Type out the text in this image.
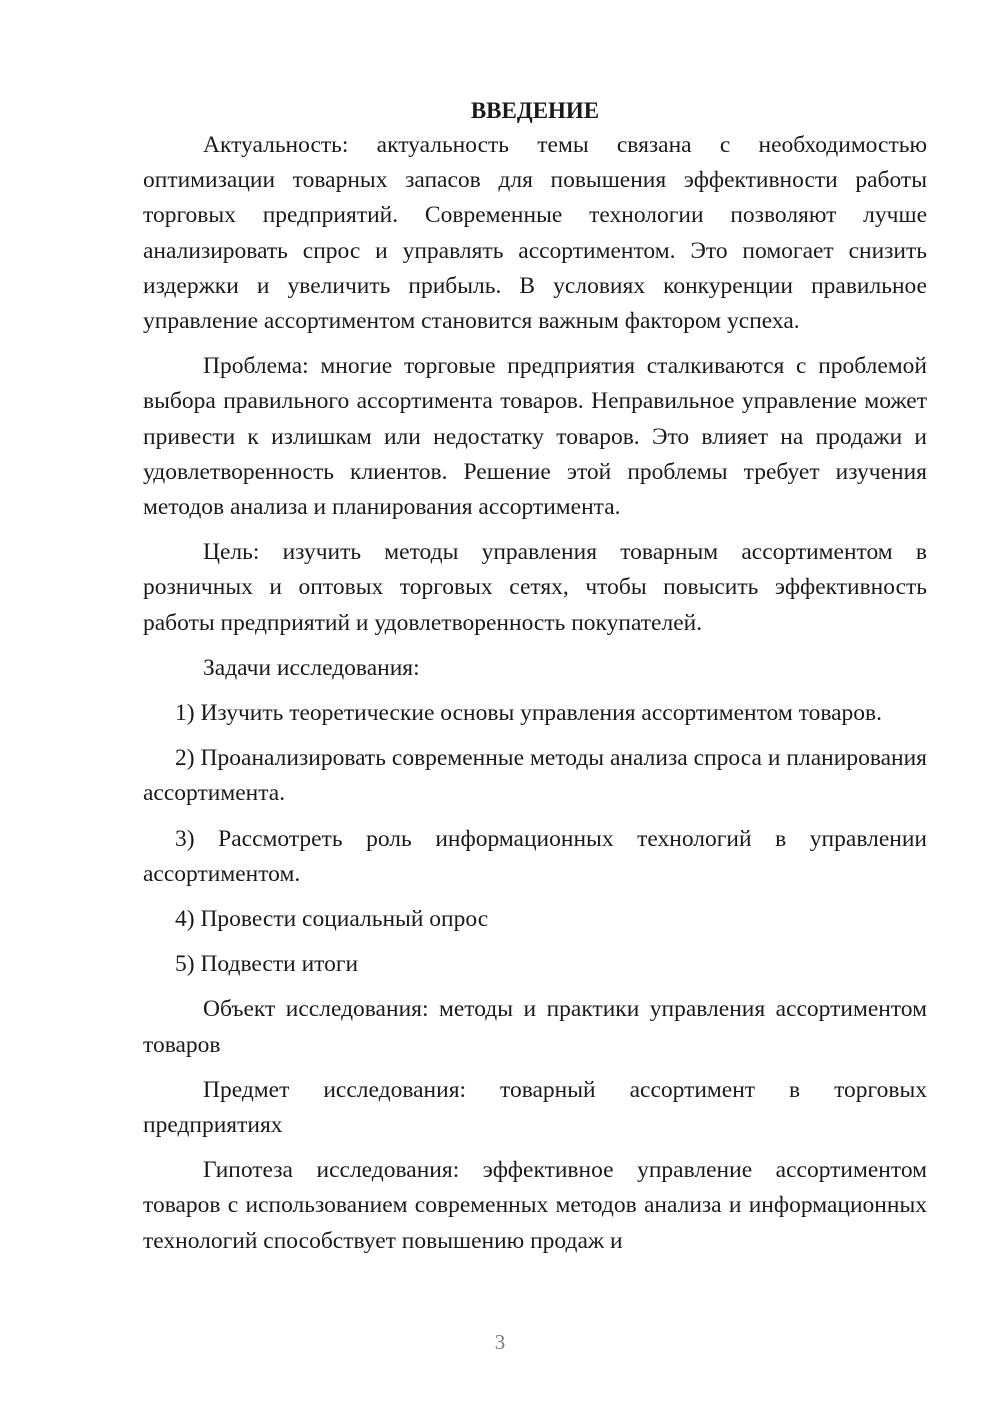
ВВЕДЕНИЕ

Актуальность: актуальность темы связана с необходимостью оптимизации товарных запасов для повышения эффективности работы торговых предприятий. Современные технологии позволяют лучше анализировать спрос и управлять ассортиментом. Это помогает снизить издержки и увеличить прибыль. В условиях конкуренции правильное управление ассортиментом становится важным фактором успеха.

Проблема: многие торговые предприятия сталкиваются с проблемой выбора правильного ассортимента товаров. Неправильное управление может привести к излишкам или недостатку товаров. Это влияет на продажи и удовлетворенность клиентов. Решение этой проблемы требует изучения методов анализа и планирования ассортимента.

Цель: изучить методы управления товарным ассортиментом в розничных и оптовых торговых сетях, чтобы повысить эффективность работы предприятий и удовлетворенность покупателей.

Задачи исследования:

1) Изучить теоретические основы управления ассортиментом товаров.

2) Проанализировать современные методы анализа спроса и планирования ассортимента.

3) Рассмотреть роль информационных технологий в управлении ассортиментом.

4) Провести социальный опрос

5) Подвести итоги

Объект исследования: методы и практики управления ассортиментом товаров

Предмет исследования: товарный ассортимент в торговых предприятиях

Гипотеза исследования: эффективное управление ассортиментом товаров с использованием современных методов анализа и информационных технологий способствует повышению продаж и

3
